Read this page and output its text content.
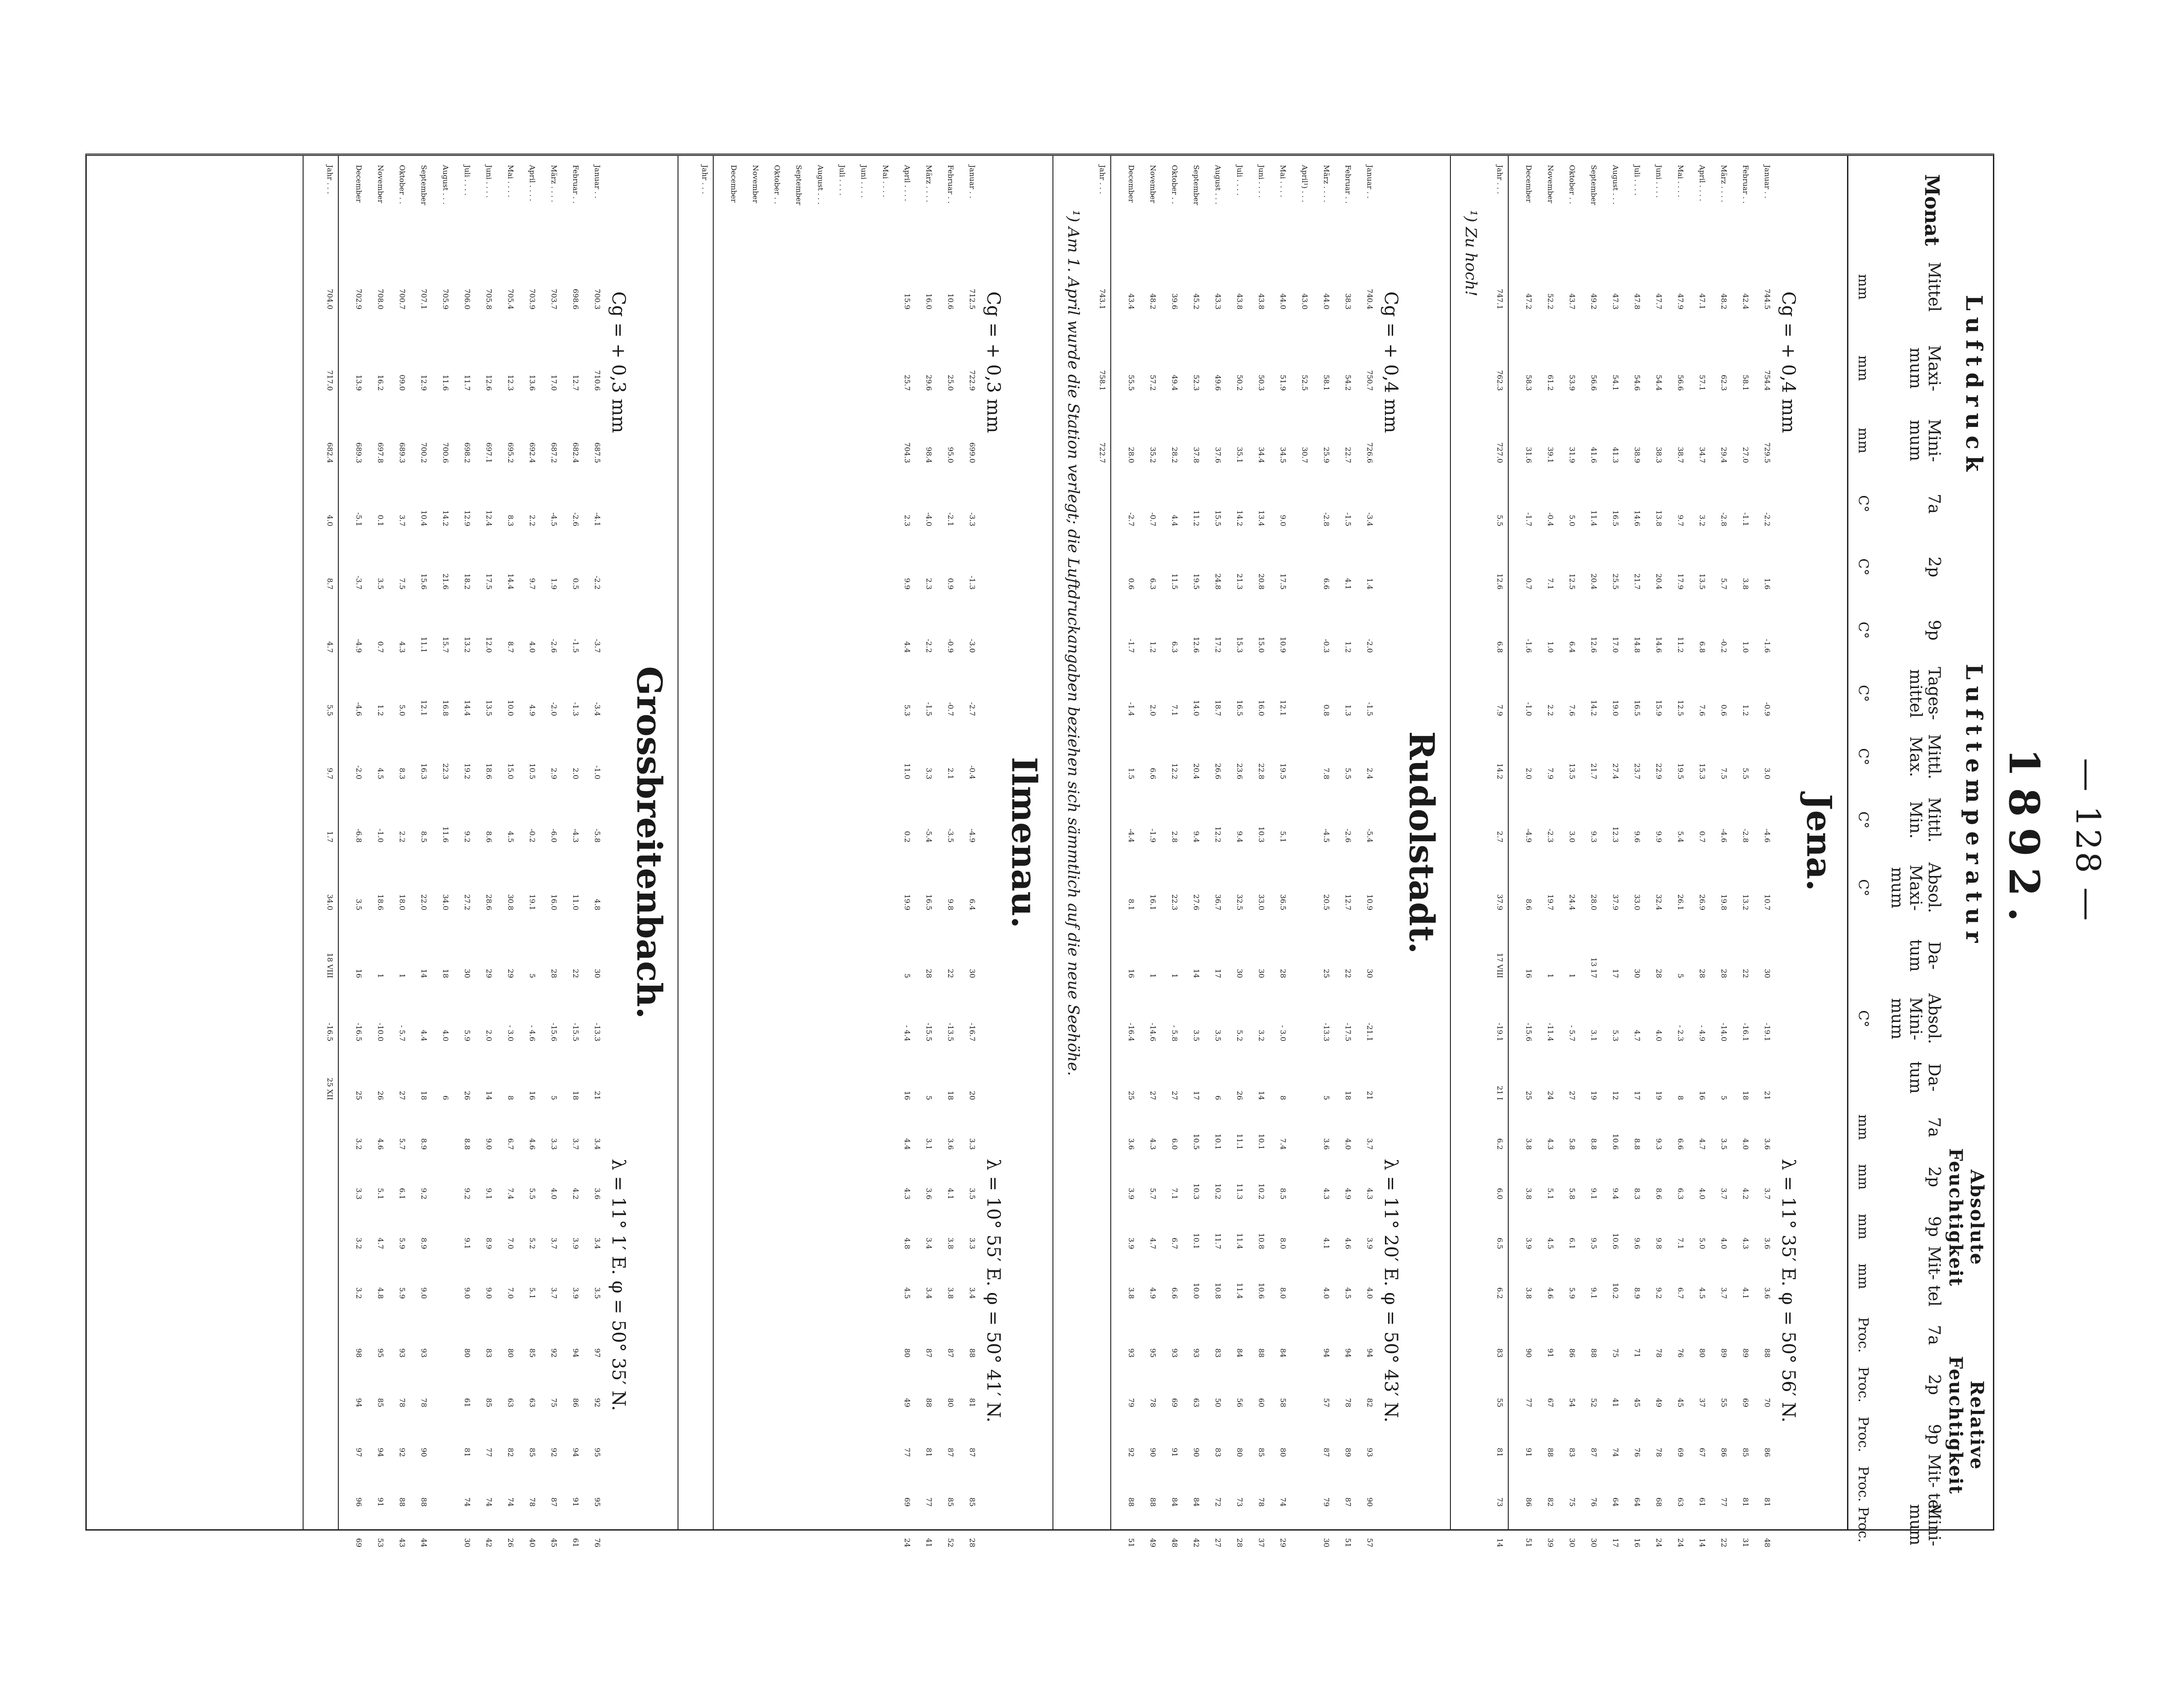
— 128 —
1892.
Monat
Luftdruck
Lufttemperatur
Absolute Feuchtigkeit
Relative Feuchtigkeit
Mittel
mm
Maxi- mum
mm
Mini- mum
mm
7a
C°
2p
C°
9p
C°
Tages- mittel
C°
Mittl. Max.
C°
Mittl. Min.
C°
Absol. Maxi- mum
C°
Da- tum
Absol. Mini- mum
C°
Da- tum
7a
mm
2p
mm
9p
mm
Mit- tel
mm
7a
Proc.
2p
Proc.
9p
Proc.
Mit- tel
Proc.
Mini- mum
Proc.
Jena.
Cg = + 0,4 mm
λ = 11° 35′ E. φ = 50° 56′ N.
Januar . .
744.5
754.4
729.5
-2.2
1.6
-1.6
-0.9
3.0
-4.6
10.7
30
-19.1
21
3.6
3.7
3.6
3.6
88
70
86
81
48
Februar . .
42.4
58.1
27.0
-1.1
3.8
1.0
1.2
5.5
-2.8
13.2
22
-16.1
18
4.0
4.2
4.3
4.1
89
69
85
81
31
März . . . .
48.2
62.3
29.4
-2.8
5.7
-0.2
0.6
7.5
-4.6
19.8
28
-14.0
5
3.5
3.7
4.0
3.7
89
55
86
77
22
April . . . .
47.1
57.1
34.7
3.2
13.5
6.8
7.6
15.3
0.7
26.9
28
- 4.9
16
4.7
4.0
5.0
4.5
80
37
67
61
14
Mai . . . .
47.9
56.6
38.7
9.7
17.9
11.2
12.5
19.5
5.4
26.1
5
- 2.3
8
6.6
6.3
7.1
6.7
76
45
69
63
24
Juni . . . .
47.7
54.4
38.3
13.8
20.4
14.6
15.9
22.9
9.9
32.4
28
4.0
19
9.3
8.6
9.8
9.2
78
49
78
68
24
Juli . . . .
47.8
54.6
38.9
14.6
21.7
14.8
16.5
23.7
9.6
33.0
30
4.7
17
8.8
8.3
9.6
8.9
71
45
76
64
16
August . . .
47.3
54.1
41.3
16.5
25.5
17.0
19.0
27.4
12.3
37.9
17
5.3
12
10.6
9.4
10.6
10.2
75
41
74
64
17
September
49.2
56.6
41.6
11.4
20.4
12.6
14.2
21.7
9.3
28.0
13 17
3.1
19
8.8
9.1
9.5
9.1
88
52
87
76
30
Oktober . .
43.7
53.9
31.9
5.0
12.5
6.4
7.6
13.5
3.0
24.4
1
- 5.7
27
5.8
5.8
6.1
5.9
86
54
83
75
30
November
52.2
61.2
39.1
-0.4
7.1
1.0
2.2
7.9
-2.3
19.7
1
-11.4
24
4.3
5.1
4.5
4.6
91
67
88
82
39
December
47.2
58.3
31.6
-1.7
0.7
-1.6
-1.0
2.0
-4.9
8.6
16
-15.6
25
3.8
3.8
3.9
3.8
90
77
91
86
51
Jahr . . .
747.1
762.3
727.0
5.5
12.6
6.8
7.9
14.2
2.7
37.9
17 VIII
-19.1
21 I
6.2
6.0
6.5
6.2
83
55
81
73
14
¹) Zu hoch!
Rudolstadt.
Cg = + 0,4 mm
λ = 11° 20′ E. φ = 50° 43′ N.
Januar . .
740.4
750.7
726.6
-3.4
1.4
-2.0
-1.5
2.4
-5.4
10.9
30
-21.1
21
3.7
4.3
3.9
4.0
94
82
93
90
57
Februar . .
38.3
54.2
22.7
-1.5
4.1
1.2
1.3
5.5
-2.6
12.7
22
-17.5
18
4.0
4.9
4.6
4.5
94
78
89
87
51
März . . . .
44.0
58.1
25.9
-2.8
6.6
-0.3
0.8
7.8
-4.5
20.5
25
-13.3
5
3.6
4.3
4.1
4.0
94
57
87
79
30
April¹) . . .
43.0
52.5
30.7
Mai . . . .
44.0
51.9
34.5
9.0
17.5
10.9
12.1
19.5
5.1
36.5
28
- 3.0
8
7.4
8.5
8.0
8.0
84
58
80
74
29
Juni . . . .
43.8
50.3
34.4
13.4
20.8
15.0
16.0
22.8
10.3
33.0
30
3.2
14
10.1
10.2
10.8
10.6
88
60
85
78
37
Juli . . . .
43.8
50.2
35.1
14.2
21.3
15.3
16.5
23.6
9.4
32.5
30
5.2
26
11.1
11.3
11.4
11.4
84
56
80
73
28
August . . .
43.3
49.6
37.6
15.5
24.8
17.2
18.7
26.6
12.2
36.7
17
3.5
6
10.1
10.2
11.7
10.8
83
50
83
72
27
September
45.2
52.3
37.8
11.2
19.5
12.6
14.0
20.4
9.4
27.6
14
3.5
17
10.5
10.3
10.1
10.0
93
63
90
84
42
Oktober . .
39.6
49.4
28.2
4.4
11.5
6.3
7.1
12.2
2.8
22.3
1
- 5.8
27
6.0
7.1
6.7
6.6
93
69
91
84
48
November
48.2
57.2
35.2
-0.7
6.3
1.2
2.0
6.6
-1.9
16.1
1
-14.6
27
4.3
5.7
4.7
4.9
95
78
90
88
49
December
43.4
55.5
28.0
-2.7
0.6
-1.7
-1.4
1.5
-4.4
8.1
16
-16.4
25
3.6
3.9
3.9
3.8
93
79
92
88
51
Jahr . . .
743.1
758.1
722.7
¹) Am 1. April wurde die Station verlegt; die Luftdruckangaben beziehen sich sämmtlich auf die neue Seehöhe.
Ilmenau.
Cg = + 0,3 mm
λ = 10° 55′ E. φ = 50° 41′ N.
Januar . .
712.5
722.9
699.0
-3.3
-1.3
-3.0
-2.7
-0.4
-4.9
6.4
30
-16.7
20
3.3
3.5
3.3
3.4
88
81
87
85
28
Februar . .
10.6
25.0
95.0
-2.1
0.9
-0.9
-0.7
2.1
-3.5
9.8
22
-13.5
18
3.6
4.1
3.8
3.8
87
80
87
85
52
März . . . .
16.0
29.6
98.4
-4.0
2.3
-2.2
-1.5
3.3
-5.4
16.5
28
-15.5
5
3.1
3.6
3.4
3.4
87
88
81
77
41
April . . . .
15.9
25.7
704.3
2.3
9.9
4.4
5.3
11.0
0.2
19.9
5
- 4.4
16
4.4
4.3
4.8
4.5
80
49
77
69
24
Mai . . . .
Juni . . . .
Juli . . . .
August . . .
September
Oktober . .
November
December
Jahr . . .
Grossbreitenbach.
Cg = + 0,3 mm
λ = 11° 1′ E. φ = 50° 35′ N.
Januar . .
700.3
710.6
687.5
-4.1
-2.2
-3.7
-3.4
-1.0
-5.8
4.8
30
-13.3
21
3.4
3.6
3.4
3.5
97
92
95
95
76
Februar . .
698.6
12.7
682.4
-2.6
0.5
-1.5
-1.3
2.0
-4.3
11.0
22
-15.5
18
3.7
4.2
3.9
3.9
94
86
94
91
61
März . . . .
703.7
17.0
687.2
-4.5
1.9
-2.6
-2.0
2.9
-6.0
16.0
28
-15.6
5
3.3
4.0
3.7
3.7
92
75
92
87
45
April . . . .
703.9
13.6
692.4
2.2
9.7
4.0
4.9
10.5
-0.2
19.1
5
- 4.6
16
4.6
5.5
5.2
5.1
85
63
85
78
40
Mai . . . .
705.4
12.3
695.2
8.3
14.4
8.7
10.0
15.0
4.5
30.8
29
- 3.0
8
6.7
7.4
7.0
7.0
80
63
82
74
26
Juni . . . .
705.8
12.6
697.1
12.4
17.5
12.0
13.5
18.6
8.6
28.6
29
2.0
14
9.0
9.1
8.9
9.0
83
85
77
74
42
Juli . . . .
706.0
11.7
698.2
12.9
18.2
13.2
14.4
19.2
9.2
27.2
30
5.9
26
8.8
9.2
9.1
9.0
80
61
81
74
30
August . . .
705.9
11.6
700.6
14.2
21.6
15.7
16.8
22.3
11.6
34.0
18
4.0
6
September
707.1
12.9
700.2
10.4
15.6
11.1
12.1
16.3
8.5
22.0
14
4.4
18
8.9
9.2
8.9
9.0
93
78
90
88
44
Oktober . .
700.7
09.0
689.3
3.7
7.5
4.3
5.0
8.3
2.2
18.0
1
- 5.7
27
5.7
6.1
5.9
5.9
93
78
92
88
43
November
708.0
16.2
697.8
0.1
3.5
0.7
1.2
4.5
-1.0
18.6
1
-10.0
26
4.6
5.1
4.7
4.8
95
85
94
91
53
December
702.9
13.9
689.3
-5.1
-3.7
-4.9
-4.6
-2.0
-6.8
3.5
16
-16.5
25
3.2
3.3
3.2
3.2
98
94
97
96
69
Jahr . . .
704.0
717.0
682.4
4.0
8.7
4.7
5.5
9.7
1.7
34.0
18 VIII
-16.5
25 XII
